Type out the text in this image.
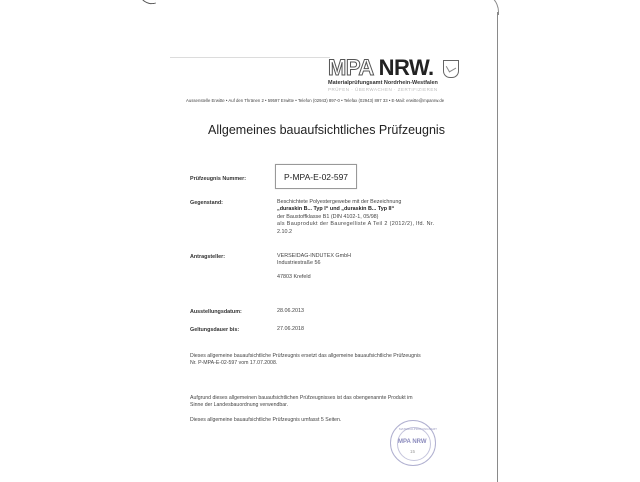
MPA NRW.
Materialprüfungsamt Nordrhein-Westfalen
PRÜFEN · ÜBERWACHEN · ZERTIFIZIEREN
Aussenstelle Erwitte • Auf den Thränen 2 • 59597 Erwitte • Telefon (02943) 897-0 • Telefax (02943) 897 33 • E-Mail: erwitte@mpanrw.de
Allgemeines bauaufsichtliches Prüfzeugnis
Prüfzeugnis Nummer:	P-MPA-E-02-597
Gegenstand:	Beschichtete Polyestergewebe mit der Bezeichnung
„duraskin B... Typ I“ und „duraskin B... Typ II“
der Baustoffklasse B1 (DIN 4102-1, 05/98)
als Bauprodukt der Bauregelliste A Teil 2 (2012/2), lfd. Nr.
2.10.2
Antragsteller:	VERSEIDAG-INDUTEX GmbH
Industriestraße 56
47803 Krefeld
Ausstellungsdatum:	28.06.2013
Geltungsdauer bis:	27.06.2018
Dieses allgemeine bauaufsichtliche Prüfzeugnis ersetzt das allgemeine bauaufsichtliche Prüfzeugnis
Nr. P-MPA-E-02-597 vom 17.07.2008.
Aufgrund dieses allgemeinen bauaufsichtlichen Prüfzeugnisses ist das obengenannte Produkt im
Sinne der Landesbauordnung verwendbar.
Dieses allgemeine bauaufsichtliche Prüfzeugnis umfasst 5 Seiten.
MATERIALPRÜFUNGSAMT
MPA NRW
15
